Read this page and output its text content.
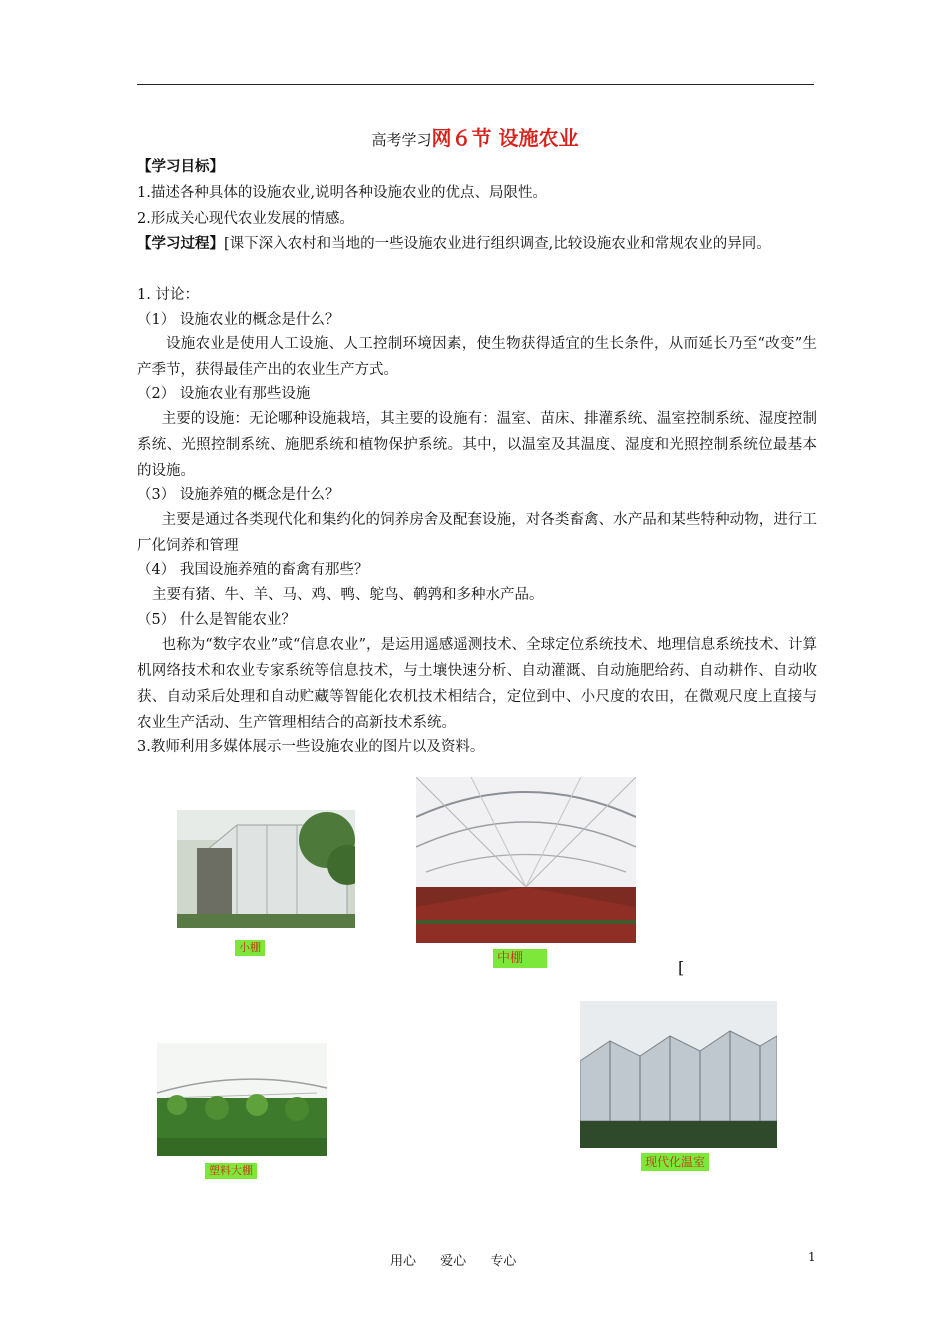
高考学习网６节 设施农业
【学习目标】
1.描述各种具体的设施农业,说明各种设施农业的优点、局限性。
2.形成关心现代农业发展的情感。
【学习过程】[课下深入农村和当地的一些设施农业进行组织调查,比较设施农业和常规农业的异同。
1. 讨论：
（1） 设施农业的概念是什么？
设施农业是使用人工设施、人工控制环境因素，使生物获得适宜的生长条件，从而延长乃至“改变”生产季节，获得最佳产出的农业生产方式。
（2） 设施农业有那些设施
主要的设施：无论哪种设施栽培，其主要的设施有：温室、苗床、排灌系统、温室控制系统、湿度控制系统、光照控制系统、施肥系统和植物保护系统。其中，以温室及其温度、湿度和光照控制系统位最基本的设施。
（3） 设施养殖的概念是什么？
主要是通过各类现代化和集约化的饲养房舍及配套设施，对各类畜禽、水产品和某些特种动物，进行工厂化饲养和管理
（4） 我国设施养殖的畜禽有那些？
主要有猪、牛、羊、马、鸡、鸭、鸵鸟、鹌鹑和多种水产品。
（5） 什么是智能农业？
也称为“数字农业”或“信息农业”，是运用遥感遥测技术、全球定位系统技术、地理信息系统技术、计算机网络技术和农业专家系统等信息技术，与土壤快速分析、自动灌溉、自动施肥给药、自动耕作、自动收获、自动采后处理和自动贮藏等智能化农机技术相结合，定位到中、小尺度的农田，在微观尺度上直接与农业生产活动、生产管理相结合的高新技术系统。
3.教师利用多媒体展示一些设施农业的图片以及资料。
小棚
中棚	[
塑料大棚
现代化温室
用心 爱心 专心	1
